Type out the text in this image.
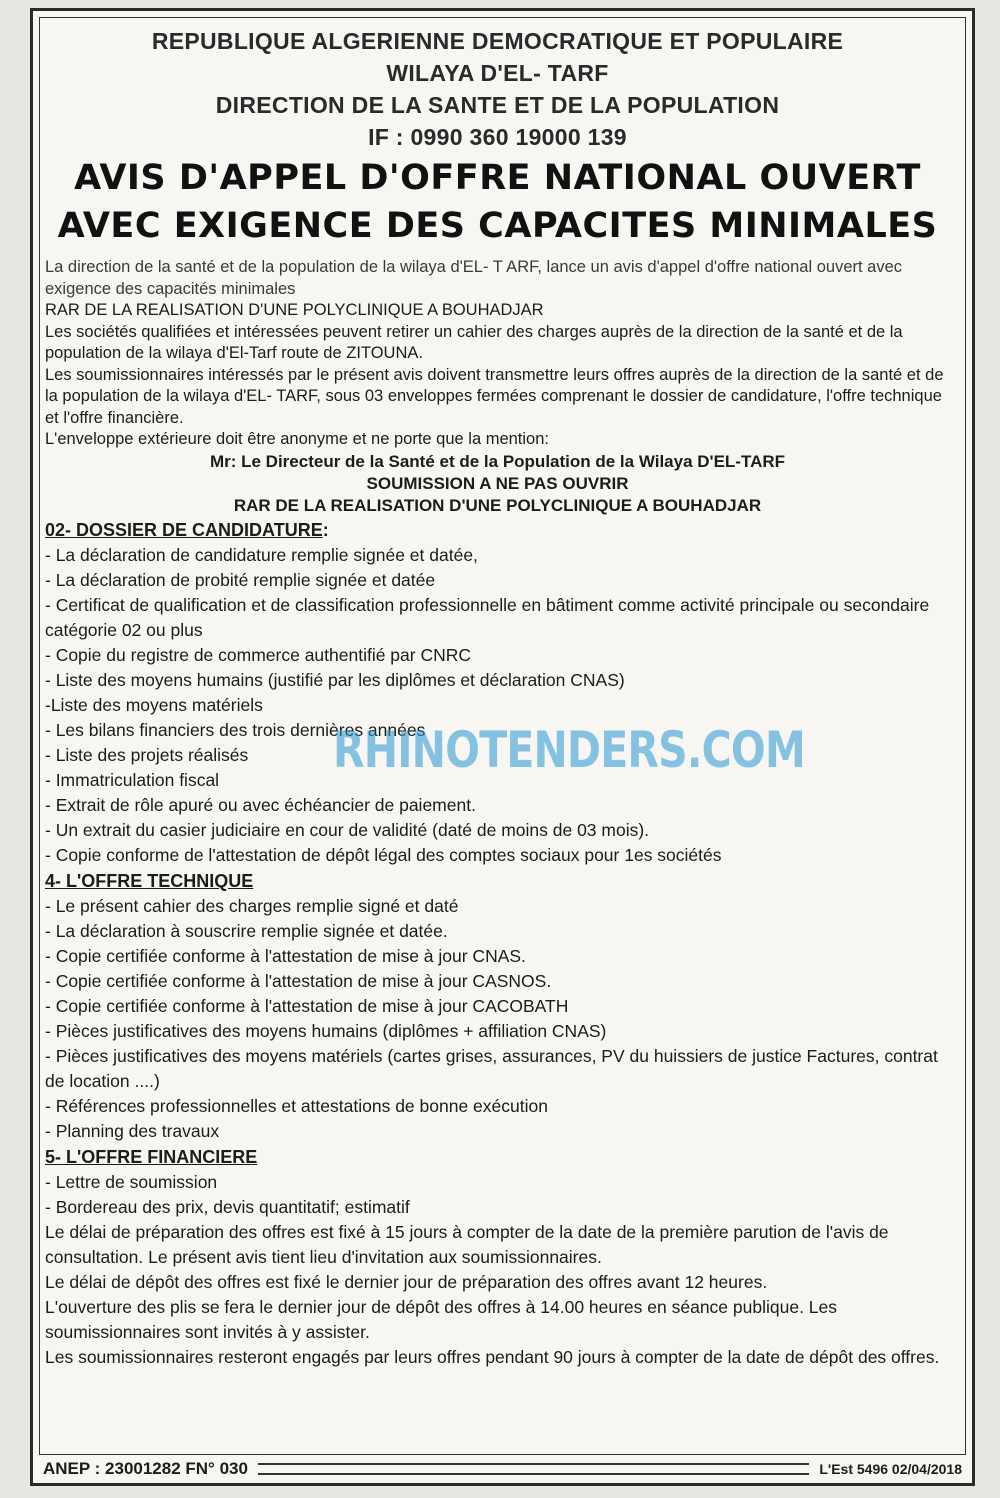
REPUBLIQUE ALGERIENNE DEMOCRATIQUE ET POPULAIRE
WILAYA D'EL- TARF
DIRECTION DE LA SANTE ET DE LA POPULATION
IF : 0990 360 19000 139
AVIS D'APPEL D'OFFRE NATIONAL OUVERT
AVEC EXIGENCE DES CAPACITES MINIMALES

La direction de la santé et de la population de la wilaya d'EL- T ARF, lance un avis d'appel d'offre national ouvert avec exigence des capacités minimales

RAR DE LA REALISATION D'UNE POLYCLINIQUE A BOUHADJAR

Les sociétés qualifiées et intéressées peuvent retirer un cahier des charges auprès de la direction de la santé et de la population de la wilaya d'El-Tarf route de ZITOUNA.

Les soumissionnaires intéressés par le présent avis doivent transmettre leurs offres auprès de la direction de la santé et de la population de la wilaya d'EL- TARF, sous 03 enveloppes fermées comprenant le dossier de candidature, l'offre technique et l'offre financière.

L'enveloppe extérieure doit être anonyme et ne porte que la mention:

Mr: Le Directeur de la Santé et de la Population de la Wilaya D'EL-TARF
SOUMISSION A NE PAS OUVRIR
RAR DE LA REALISATION D'UNE POLYCLINIQUE A BOUHADJAR
02- DOSSIER DE CANDIDATURE:
- La déclaration de candidature remplie signée et datée,
- La déclaration de probité remplie signée et datée
- Certificat de qualification et de classification professionnelle en bâtiment comme activité principale ou secondaire catégorie 02 ou plus
- Copie du registre de commerce authentifié par CNRC
- Liste des moyens humains (justifié par les diplômes et déclaration CNAS)
-Liste des moyens matériels
- Les bilans financiers des trois dernières années
- Liste des projets réalisés
- Immatriculation fiscal
- Extrait de rôle apuré ou avec échéancier de paiement.
- Un extrait du casier judiciaire en cour de validité (daté de moins de 03 mois).
- Copie conforme de l'attestation de dépôt légal des comptes sociaux pour 1es sociétés
4- L'OFFRE TECHNIQUE
- Le présent cahier des charges remplie signé et daté
- La déclaration à souscrire remplie signée et datée.
- Copie certifiée conforme à l'attestation de mise à jour CNAS.
- Copie certifiée conforme à l'attestation de mise à jour CASNOS.
- Copie certifiée conforme à l'attestation de mise à jour CACOBATH
- Pièces justificatives des moyens humains (diplômes + affiliation CNAS)
- Pièces justificatives des moyens matériels (cartes grises, assurances, PV du huissiers de justice Factures, contrat de location ....)
- Références professionnelles et attestations de bonne exécution
- Planning des travaux
5- L'OFFRE FINANCIERE
- Lettre de soumission
- Bordereau des prix, devis quantitatif; estimatif

Le délai de préparation des offres est fixé à 15 jours à compter de la date de la première parution de l'avis de consultation. Le présent avis tient lieu d'invitation aux soumissionnaires.

Le délai de dépôt des offres est fixé le dernier jour de préparation des offres avant 12 heures.

L'ouverture des plis se fera le dernier jour de dépôt des offres à 14.00 heures en séance publique. Les soumissionnaires sont invités à y assister.

Les soumissionnaires resteront engagés par leurs offres pendant 90 jours à compter de la date de dépôt des offres.

RHINOTENDERS.COM
ANEP : 23001282 FN° 030	L'Est 5496 02/04/2018
